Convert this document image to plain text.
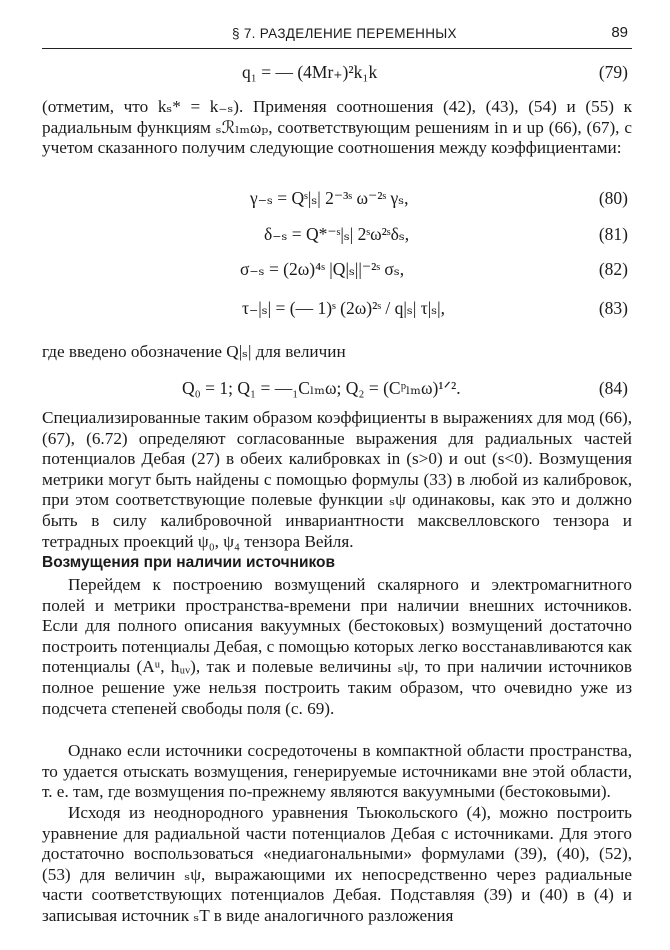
§ 7. РАЗДЕЛЕНИЕ ПЕРЕМЕННЫХ	89
q₁ = — (4Mr₊)²k₁k	(79)

(отметим, что kₛ* = k₋ₛ). Применяя соотношения (42), (43), (54) и (55) к радиальным функциям ₛℛₗₘωₚ, соответствующим решениям in и up (66), (67), с учетом сказанного получим следующие соотношения между коэффициентами:

γ₋ₛ = Qˢ|ₛ| 2⁻³ˢ ω⁻²ˢ γₛ,	(80)
δ₋ₛ = Q*⁻ˢ|ₛ| 2ˢω²ˢδₛ,	(81)
σ₋ₛ = (2ω)⁴ˢ |Q|ₛ||⁻²ˢ σₛ,	(82)
τ₋|ₛ| = (— 1)ˢ (2ω)²ˢ / q|ₛ| τ|ₛ|,	(83)

где введено обозначение Q|ₛ| для величин

Q₀ = 1; Q₁ = —₁Cₗₘω; Q₂ = (Cᵖₗₘω)¹ᐟ².	(84)

Специализированные таким образом коэффициенты в выражениях для мод (66), (67), (6.72) определяют согласованные выражения для радиальных частей потенциалов Дебая (27) в обеих калибровках in (s>0) и out (s<0). Возмущения метрики могут быть найдены с помощью формулы (33) в любой из калибровок, при этом соответствующие полевые функции ₛψ одинаковы, как это и должно быть в силу калибровочной инвариантности максвелловского тензора и тетрадных проекций ψ₀, ψ₄ тензора Вейля.

Возмущения при наличии источников

Перейдем к построению возмущений скалярного и электромагнитного полей и метрики пространства-времени при наличии внешних источников. Если для полного описания вакуумных (бестоковых) возмущений достаточно построить потенциалы Дебая, с помощью которых легко восстанавливаются как потенциалы (Aᵘ, hᵤᵥ), так и полевые величины ₛψ, то при наличии источников полное решение уже нельзя построить таким образом, что очевидно уже из подсчета степеней свободы поля (с. 69).

Однако если источники сосредоточены в компактной области пространства, то удается отыскать возмущения, генерируемые источниками вне этой области, т. е. там, где возмущения по-прежнему являются вакуумными (бестоковыми).

Исходя из неоднородного уравнения Тьюкольского (4), можно построить уравнение для радиальной части потенциалов Дебая с источниками. Для этого достаточно воспользоваться «недиагональными» формулами (39), (40), (52), (53) для величин ₛψ, выражающими их непосредственно через радиальные части соответствующих потенциалов Дебая. Подставляя (39) и (40) в (4) и записывая источник ₛT в виде аналогичного разложения
